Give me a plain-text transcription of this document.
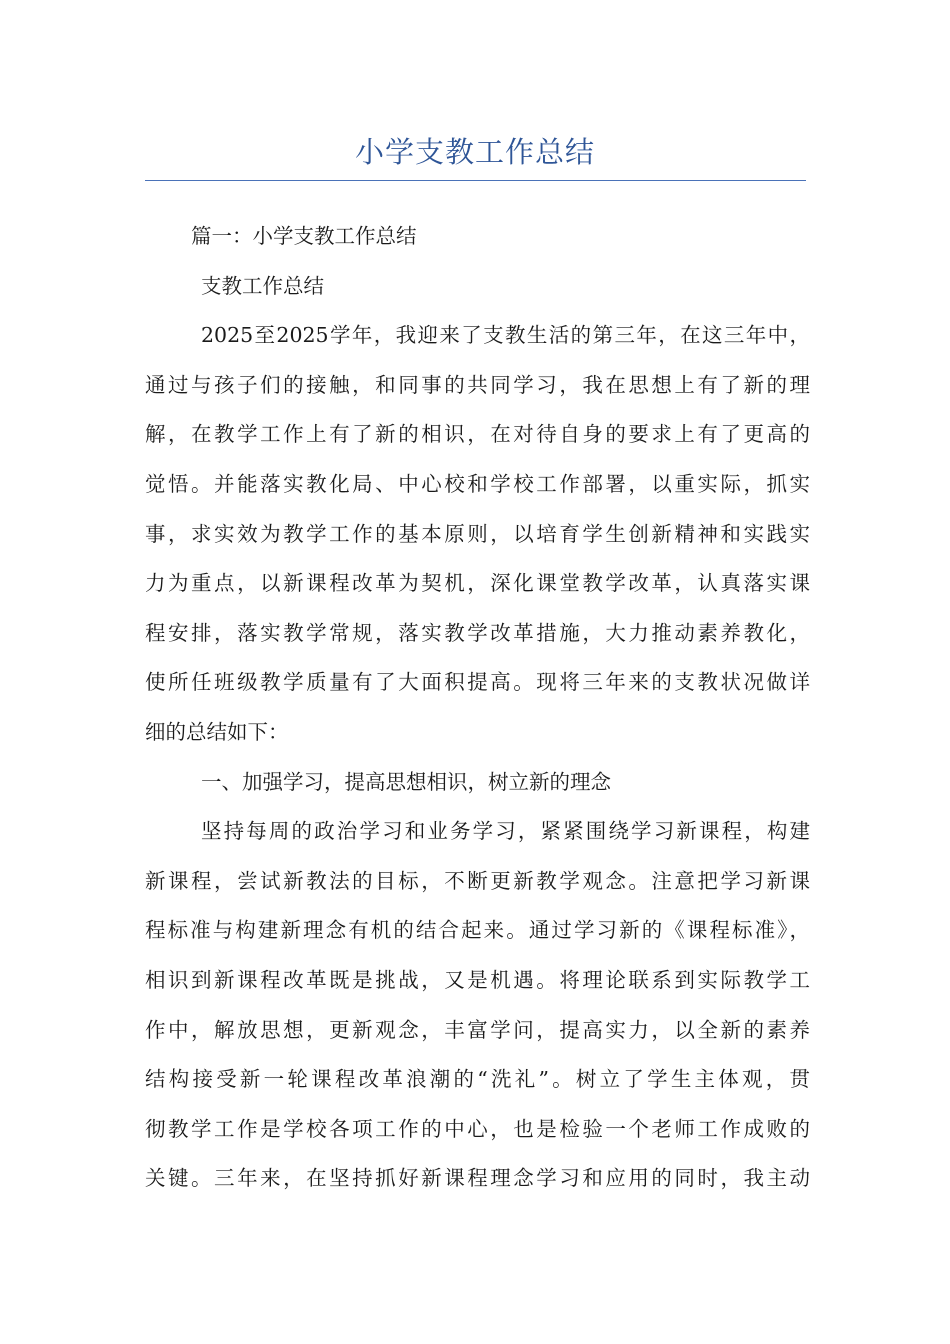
小学支教工作总结
篇一：小学支教工作总结
支教工作总结
2025至2025学年，我迎来了支教生活的第三年，在这三年中，
通过与孩子们的接触，和同事的共同学习，我在思想上有了新的理
解，在教学工作上有了新的相识，在对待自身的要求上有了更高的
觉悟。并能落实教化局、中心校和学校工作部署，以重实际，抓实
事，求实效为教学工作的基本原则，以培育学生创新精神和实践实
力为重点，以新课程改革为契机，深化课堂教学改革，认真落实课
程安排，落实教学常规，落实教学改革措施，大力推动素养教化，
使所任班级教学质量有了大面积提高。现将三年来的支教状况做详
细的总结如下：
一、加强学习，提高思想相识，树立新的理念
坚持每周的政治学习和业务学习，紧紧围绕学习新课程，构建
新课程，尝试新教法的目标，不断更新教学观念。注意把学习新课
程标准与构建新理念有机的结合起来。通过学习新的《课程标准》，
相识到新课程改革既是挑战，又是机遇。将理论联系到实际教学工
作中，解放思想，更新观念，丰富学问，提高实力，以全新的素养
结构接受新一轮课程改革浪潮的“洗礼”。树立了学生主体观，贯
彻教学工作是学校各项工作的中心，也是检验一个老师工作成败的
关键。三年来，在坚持抓好新课程理念学习和应用的同时，我主动
